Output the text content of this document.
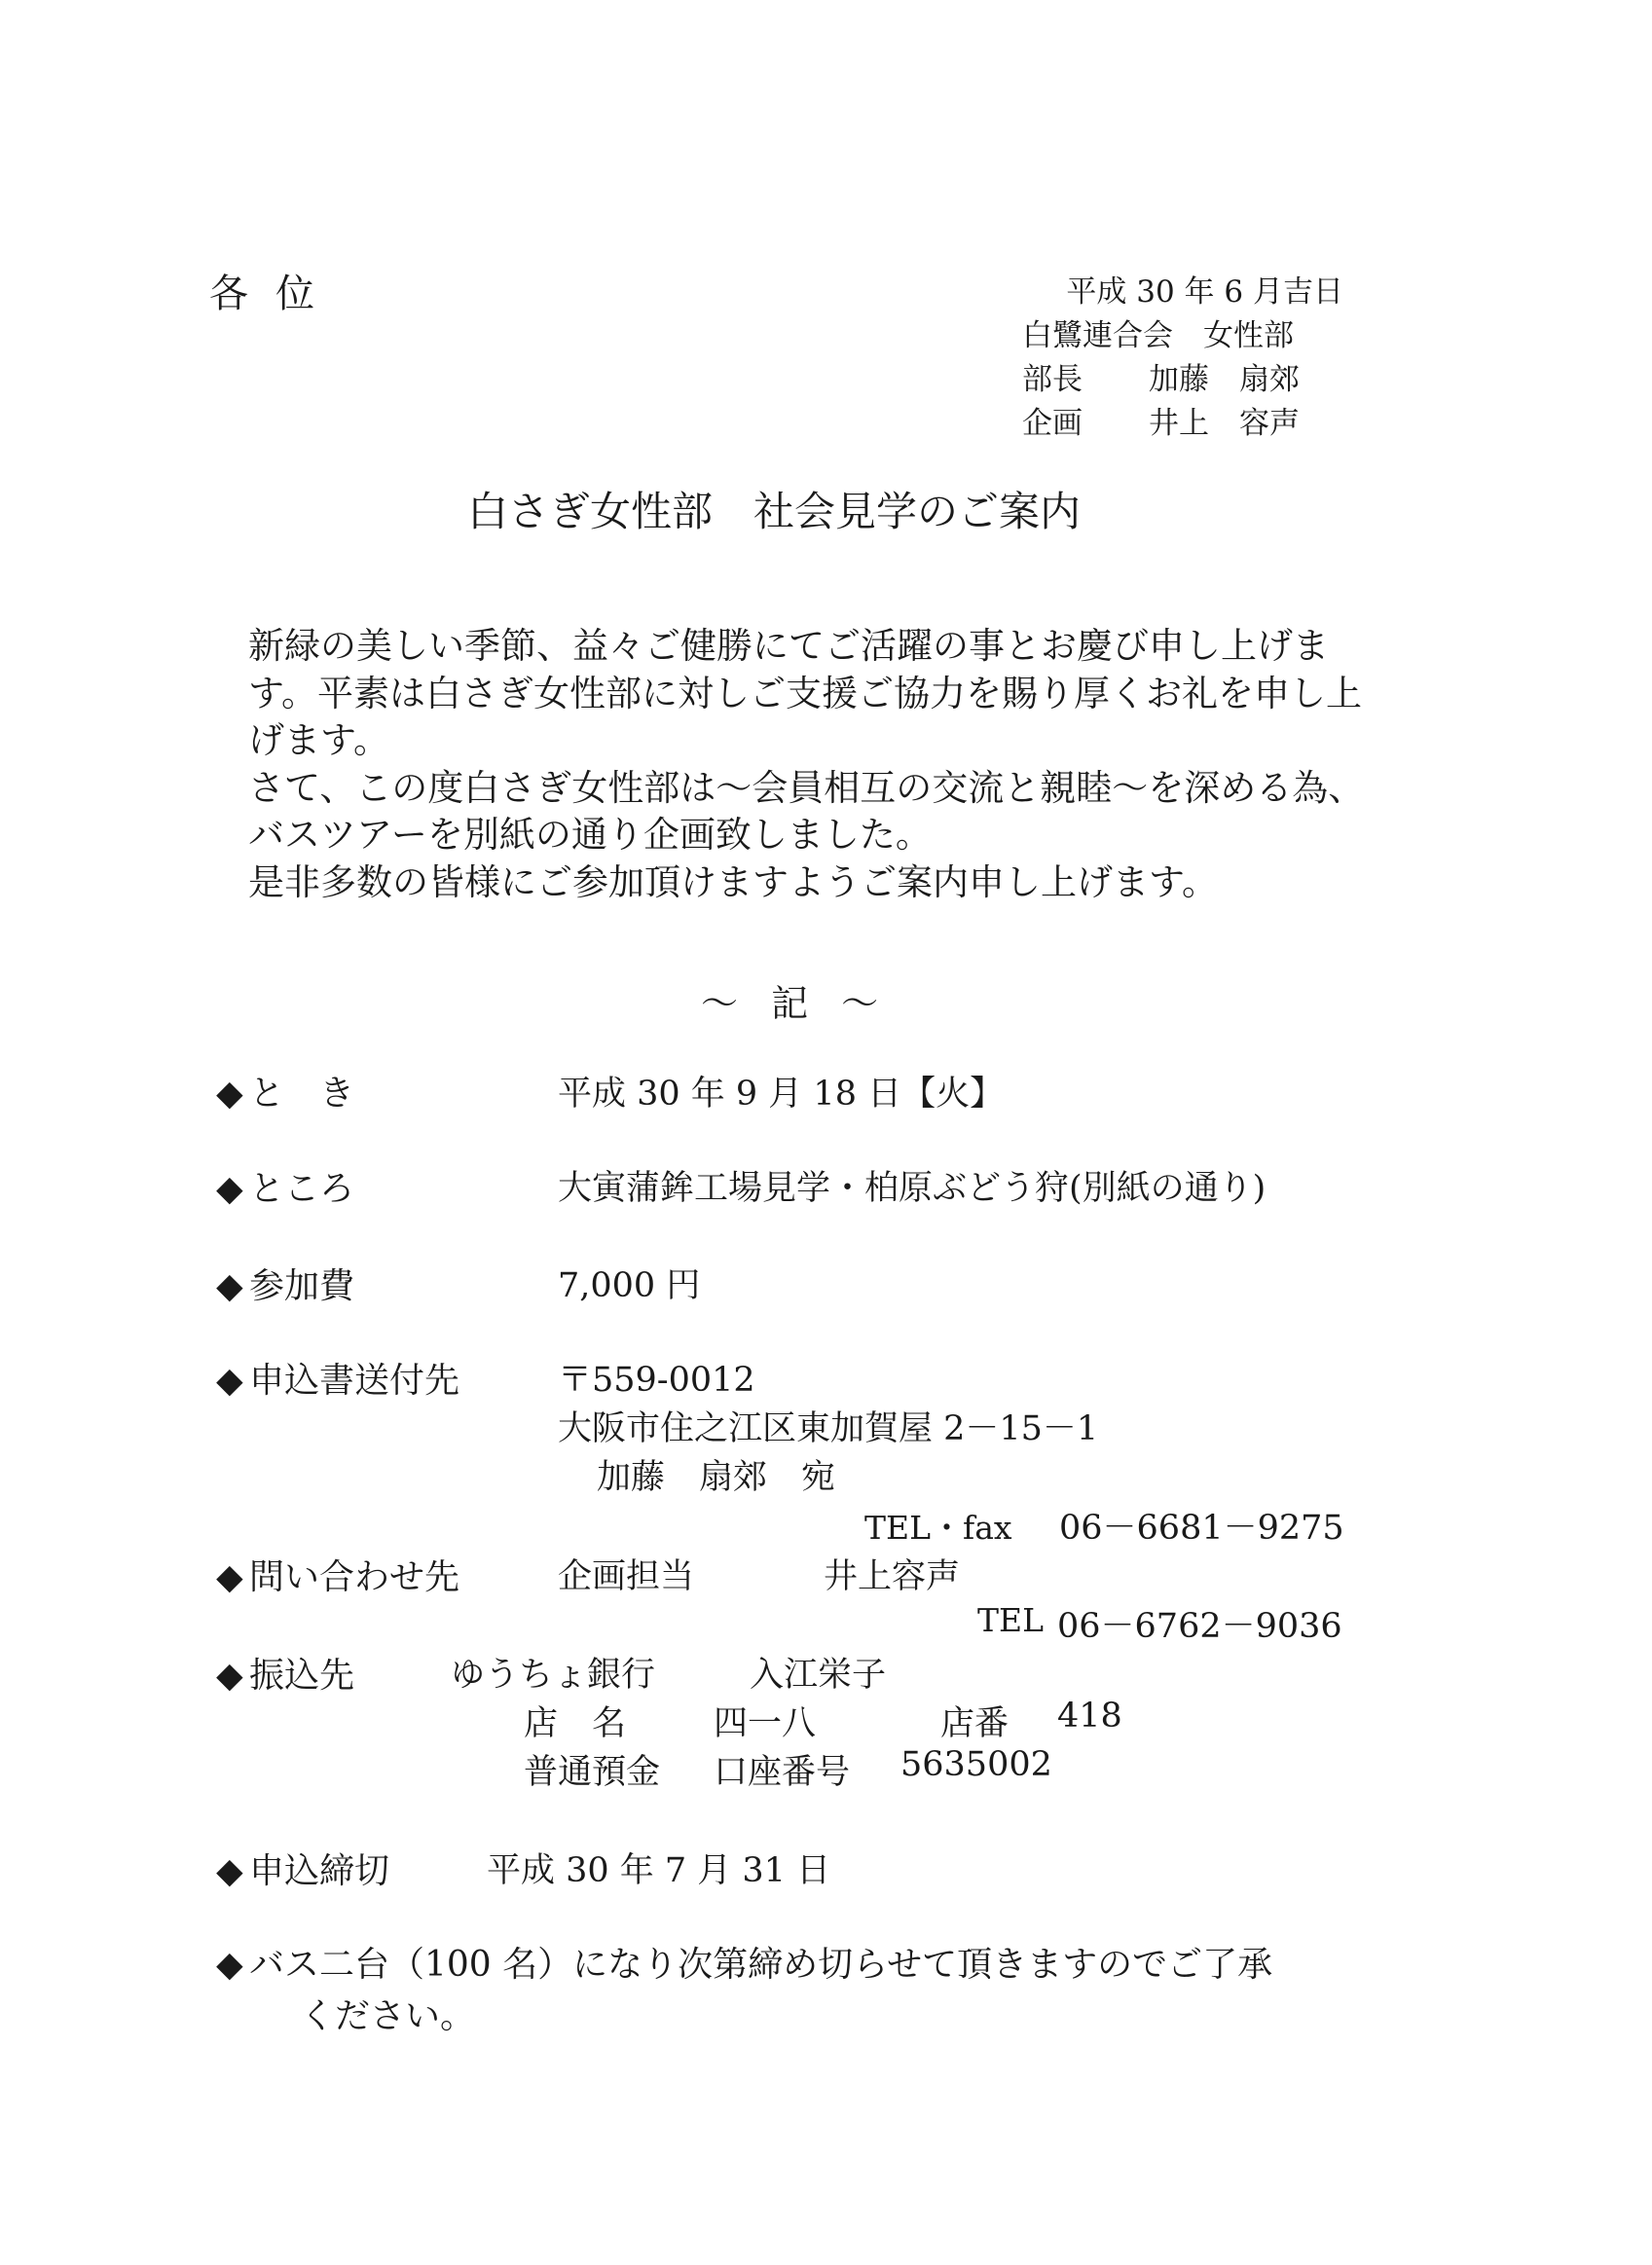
各位	平成 30 年 6 月吉日
白鷺連合会　女性部
部長 加藤　扇郊
企画 井上　容声
白さぎ女性部　社会見学のご案内

新緑の美しい季節、益々ご健勝にてご活躍の事とお慶び申し上げます。平素は白さぎ女性部に対しご支援ご協力を賜り厚くお礼を申し上げます。

さて、この度白さぎ女性部は～会員相互の交流と親睦～を深める為、バスツアーを別紙の通り企画致しました。

是非多数の皆様にご参加頂けますようご案内申し上げます。

～ 記 ～
◆ と　き	平成 30 年 9 月 18 日【火】
◆ ところ	大寅蒲鉾工場見学・柏原ぶどう狩(別紙の通り)
◆ 参加費	7,000 円
◆ 申込書送付先	〒559-0012
大阪市住之江区東加賀屋 2－15－1
加藤　扇郊　宛
TEL・fax 06－6681－9275
◆ 問い合わせ先	企画担当	井上容声
TEL 06－6762－9036
◆ 振込先	ゆうちょ銀行	入江栄子
店　名	四一八	店番 418
普通預金 口座番号 5635002
◆ 申込締切	平成 30 年 7 月 31 日
◆ バス二台（100 名）になり次第締め切らせて頂きますのでご了承
ください。
